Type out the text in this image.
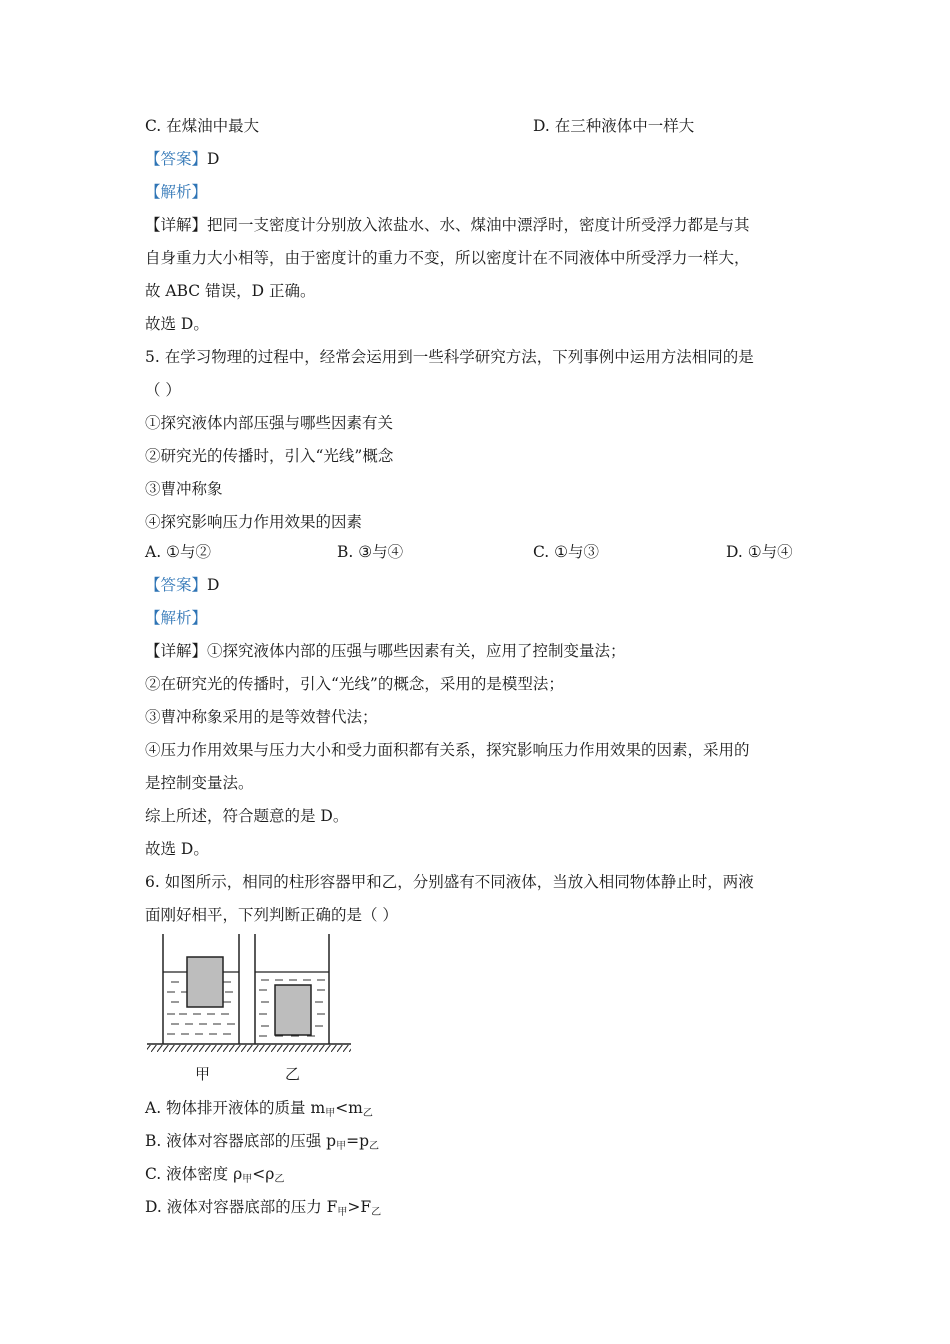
C. 在煤油中最大	D. 在三种液体中一样大
【答案】D
【解析】
【详解】把同一支密度计分别放入浓盐水、水、煤油中漂浮时，密度计所受浮力都是与其
自身重力大小相等，由于密度计的重力不变，所以密度计在不同液体中所受浮力一样大，
故 ABC 错误，D 正确。
故选 D。
5. 在学习物理的过程中，经常会运用到一些科学研究方法，下列事例中运用方法相同的是
（ ）
①探究液体内部压强与哪些因素有关
②研究光的传播时，引入“光线”概念
③曹冲称象
④探究影响压力作用效果的因素
A. ①与②	B. ③与④	C. ①与③	D. ①与④
【答案】D
【解析】
【详解】①探究液体内部的压强与哪些因素有关，应用了控制变量法；
②在研究光的传播时，引入“光线”的概念，采用的是模型法；
③曹冲称象采用的是等效替代法；
④压力作用效果与压力大小和受力面积都有关系，探究影响压力作用效果的因素，采用的
是控制变量法。
综上所述，符合题意的是 D。
故选 D。
6. 如图所示，相同的柱形容器甲和乙，分别盛有不同液体，当放入相同物体静止时，两液
面刚好相平，下列判断正确的是（ ）
甲	乙
A. 物体排开液体的质量 $m_甲<m_乙$
B. 液体对容器底部的压强 $p_甲=p_乙$
C. 液体密度 $\rho_甲<\rho_乙$
D. 液体对容器底部的压力 $F_甲>F_乙$
